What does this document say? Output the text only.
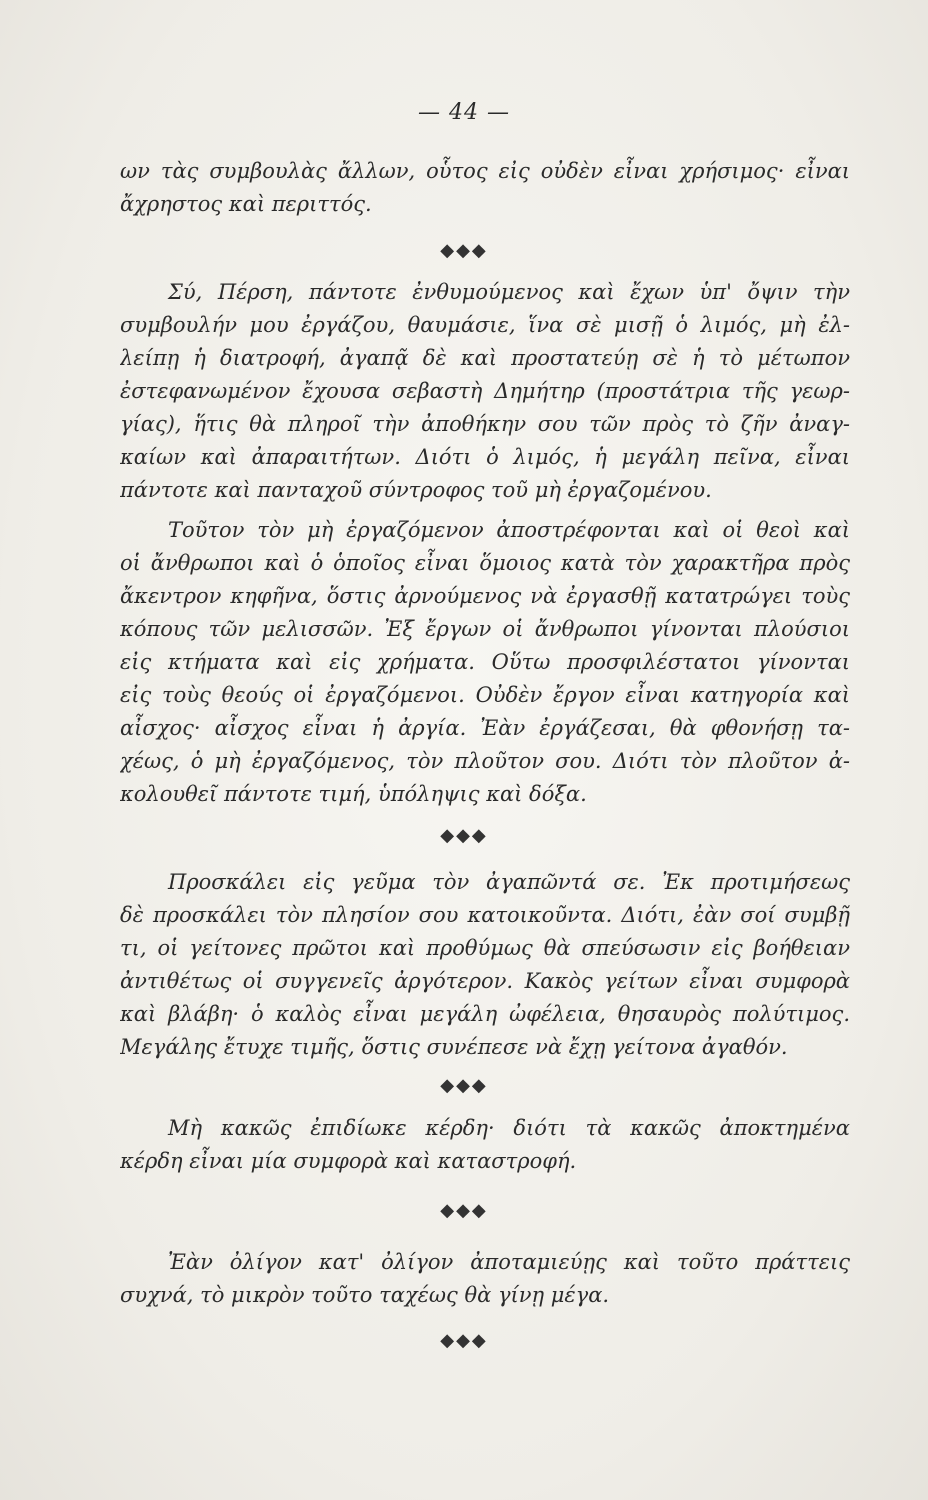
— 44 —
ων τὰς συμβουλὰς ἄλλων, οὗτος εἰς οὐδὲν εἶναι χρήσιμος· εἶναι
ἄχρηστος καὶ περιττός.
◆◆◆
Σύ, Πέρση, πάντοτε ἐνθυμούμενος καὶ ἔχων ὑπ' ὄψιν τὴν
συμβουλήν μου ἐργάζου, θαυμάσιε, ἵνα σὲ μισῇ ὁ λιμός, μὴ ἐλ-
λείπῃ ἡ διατροφή, ἀγαπᾷ δὲ καὶ προστατεύῃ σὲ ἡ τὸ μέτωπον
ἐστεφανωμένον ἔχουσα σεβαστὴ Δημήτηρ (προστάτρια τῆς γεωρ-
γίας), ἥτις θὰ πληροῖ τὴν ἀποθήκην σου τῶν πρὸς τὸ ζῆν ἀναγ-
καίων καὶ ἀπαραιτήτων. Διότι ὁ λιμός, ἡ μεγάλη πεῖνα, εἶναι
πάντοτε καὶ πανταχοῦ σύντροφος τοῦ μὴ ἐργαζομένου.
Τοῦτον τὸν μὴ ἐργαζόμενον ἀποστρέφονται καὶ οἱ θεοὶ καὶ
οἱ ἄνθρωποι καὶ ὁ ὁποῖος εἶναι ὅμοιος κατὰ τὸν χαρακτῆρα πρὸς
ἄκεντρον κηφῆνα, ὅστις ἀρνούμενος νὰ ἐργασθῇ κατατρώγει τοὺς
κόπους τῶν μελισσῶν. Ἐξ ἔργων οἱ ἄνθρωποι γίνονται πλούσιοι
εἰς κτήματα καὶ εἰς χρήματα. Οὕτω προσφιλέστατοι γίνονται
εἰς τοὺς θεούς οἱ ἐργαζόμενοι. Οὐδὲν ἔργον εἶναι κατηγορία καὶ
αἶσχος· αἶσχος εἶναι ἡ ἀργία. Ἐὰν ἐργάζεσαι, θὰ φθονήσῃ τα-
χέως, ὁ μὴ ἐργαζόμενος, τὸν πλοῦτον σου. Διότι τὸν πλοῦτον ἀ-
κολουθεῖ πάντοτε τιμή, ὑπόληψις καὶ δόξα.
◆◆◆
Προσκάλει εἰς γεῦμα τὸν ἀγαπῶντά σε. Ἐκ προτιμήσεως
δὲ προσκάλει τὸν πλησίον σου κατοικοῦντα. Διότι, ἐὰν σοί συμβῇ
τι, οἱ γείτονες πρῶτοι καὶ προθύμως θὰ σπεύσωσιν εἰς βοήθειαν
ἀντιθέτως οἱ συγγενεῖς ἀργότερον. Κακὸς γείτων εἶναι συμφορὰ
καὶ βλάβη· ὁ καλὸς εἶναι μεγάλη ὠφέλεια, θησαυρὸς πολύτιμος.
Μεγάλης ἔτυχε τιμῆς, ὅστις συνέπεσε νὰ ἔχῃ γείτονα ἀγαθόν.
◆◆◆
Μὴ κακῶς ἐπιδίωκε κέρδη· διότι τὰ κακῶς ἀποκτημένα
κέρδη εἶναι μία συμφορὰ καὶ καταστροφή.
◆◆◆
Ἐὰν ὀλίγον κατ' ὀλίγον ἀποταμιεύῃς καὶ τοῦτο πράττεις
συχνά, τὸ μικρὸν τοῦτο ταχέως θὰ γίνῃ μέγα.
◆◆◆
